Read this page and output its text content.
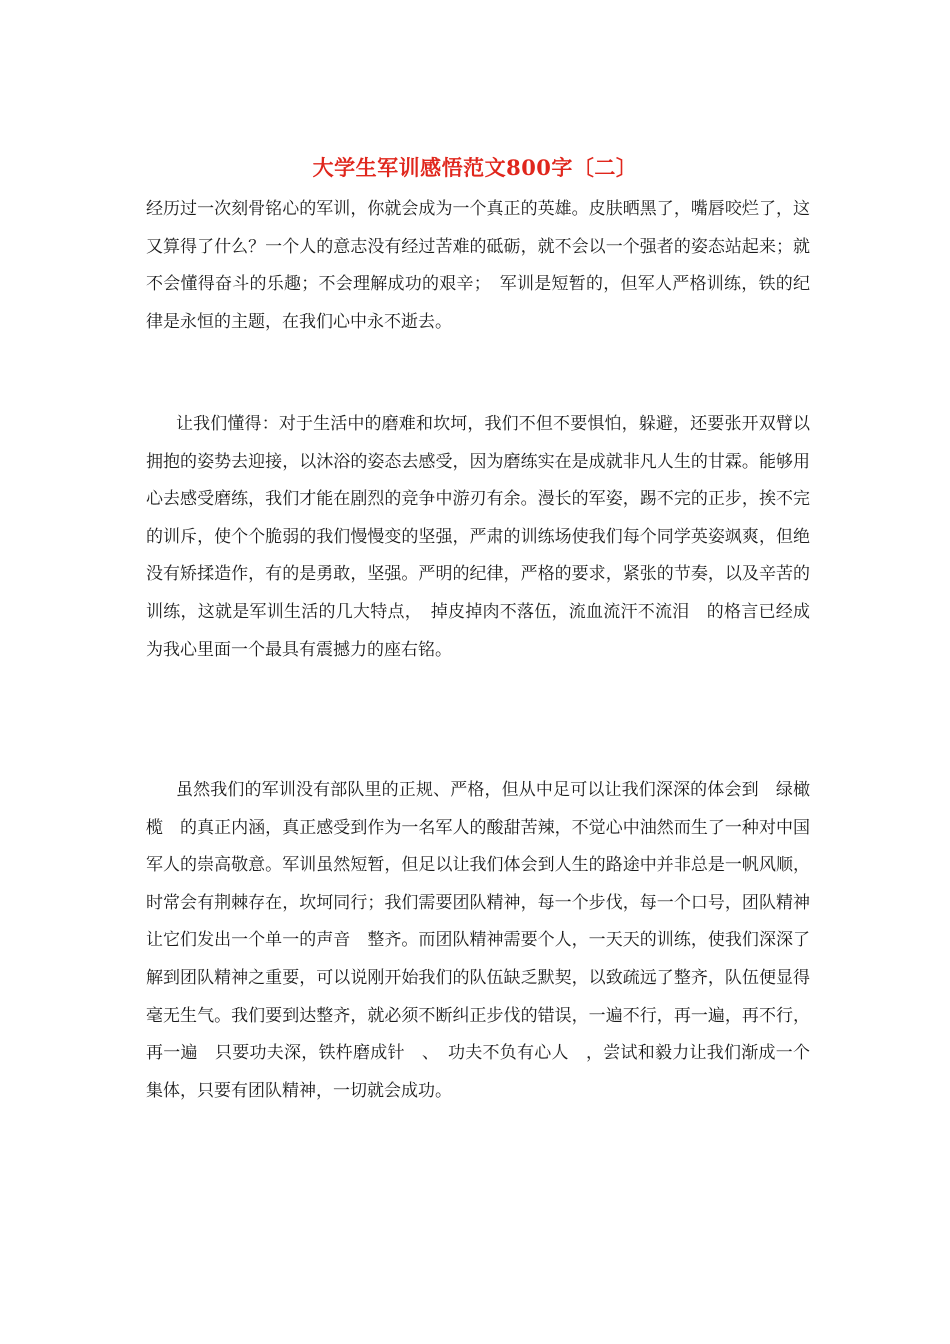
大学生军训感悟范文800字〔二〕

经历过一次刻骨铭心的军训，你就会成为一个真正的英雄。皮肤晒黑了，嘴唇咬烂了，这又算得了什么？一个人的意志没有经过苦难的砥砺，就不会以一个强者的姿态站起来；就不会懂得奋斗的乐趣；不会理解成功的艰辛；　军训是短暂的，但军人严格训练，铁的纪律是永恒的主题，在我们心中永不逝去。

让我们懂得：对于生活中的磨难和坎坷，我们不但不要惧怕，躲避，还要张开双臂以拥抱的姿势去迎接，以沐浴的姿态去感受，因为磨练实在是成就非凡人生的甘霖。能够用心去感受磨练，我们才能在剧烈的竞争中游刃有余。漫长的军姿，踢不完的正步，挨不完的训斥，使个个脆弱的我们慢慢变的坚强，严肃的训练场使我们每个同学英姿飒爽，但绝没有矫揉造作，有的是勇敢，坚强。严明的纪律，严格的要求，紧张的节奏，以及辛苦的训练，这就是军训生活的几大特点，　掉皮掉肉不落伍，流血流汗不流泪　的格言已经成为我心里面一个最具有震撼力的座右铭。

虽然我们的军训没有部队里的正规、严格，但从中足可以让我们深深的体会到　绿橄榄　的真正内涵，真正感受到作为一名军人的酸甜苦辣，不觉心中油然而生了一种对中国军人的崇高敬意。军训虽然短暂，但足以让我们体会到人生的路途中并非总是一帆风顺，时常会有荆棘存在，坎坷同行；我们需要团队精神，每一个步伐，每一个口号，团队精神让它们发出一个单一的声音　整齐。而团队精神需要个人，一天天的训练，使我们深深了解到团队精神之重要，可以说刚开始我们的队伍缺乏默契，以致疏远了整齐，队伍便显得毫无生气。我们要到达整齐，就必须不断纠正步伐的错误，一遍不行，再一遍，再不行，再一遍　只要功夫深，铁杵磨成针　、　功夫不负有心人　，尝试和毅力让我们渐成一个集体，只要有团队精神，一切就会成功。
